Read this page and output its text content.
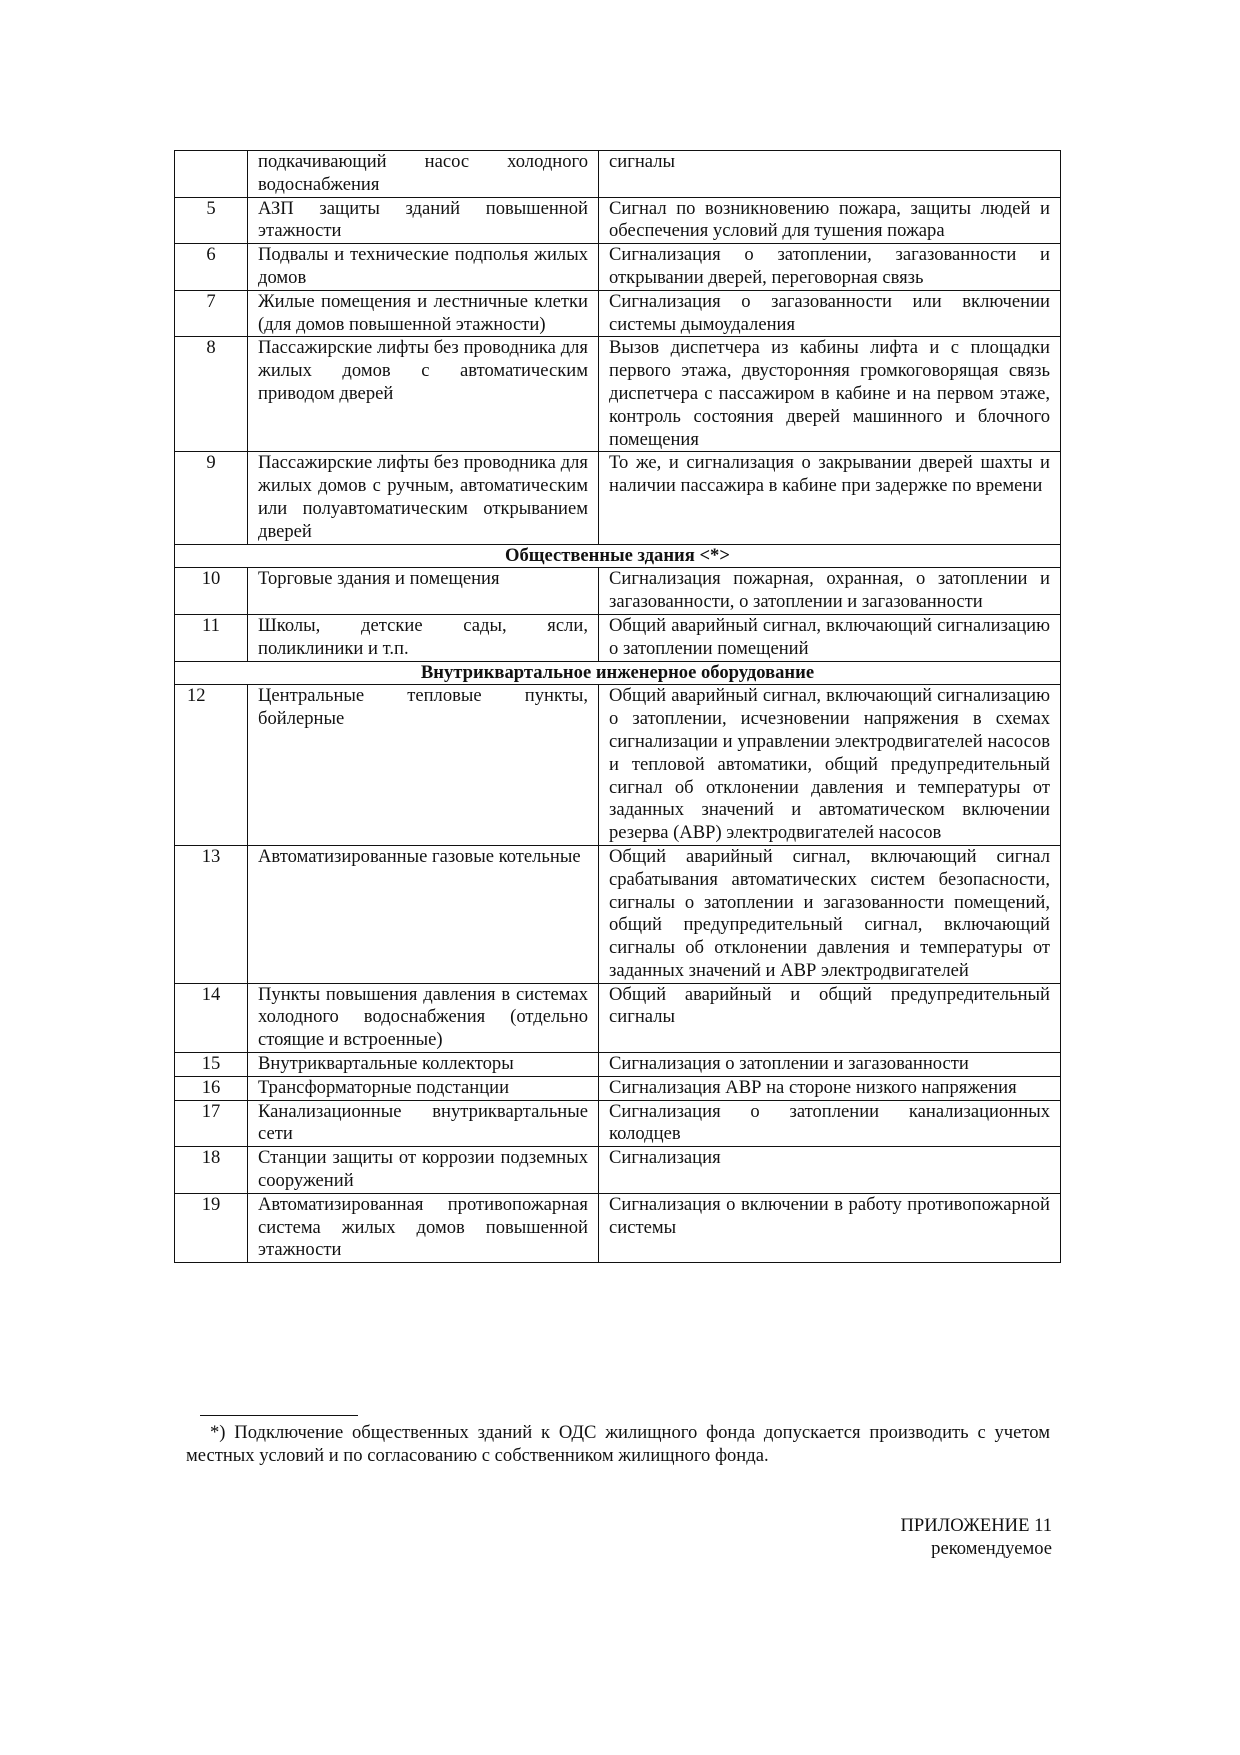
	подкачивающий насос холодного водоснабжения	сигналы
5	АЗП защиты зданий повышенной этажности	Сигнал по возникновению пожара, защиты людей и обеспечения условий для тушения пожара
6	Подвалы и технические подполья жилых домов	Сигнализация о затоплении, загазованности и открывании дверей, переговорная связь
7	Жилые помещения и лестничные клетки (для домов повышенной этажности)	Сигнализация о загазованности или включении системы дымоудаления
8	Пассажирские лифты без проводника для жилых домов с автоматическим приводом дверей	Вызов диспетчера из кабины лифта и с площадки первого этажа, двусторонняя громкоговорящая связь диспетчера с пассажиром в кабине и на первом этаже, контроль состояния дверей машинного и блочного помещения
9	Пассажирские лифты без проводника для жилых домов с ручным, автоматическим или полуавтоматическим открыванием дверей	То же, и сигнализация о закрывании дверей шахты и наличии пассажира в кабине при задержке по времени
Общественные здания <*>		
10	Торговые здания и помещения	Сигнализация пожарная, охранная, о затоплении и загазованности, о затоплении и загазованности
11	Школы, детские сады, ясли, поликлиники и т.п.	Общий аварийный сигнал, включающий сигнализацию о затоплении помещений
Внутриквартальное инженерное оборудование		
12	Центральные тепловые пункты, бойлерные	Общий аварийный сигнал, включающий сигнализацию о затоплении, исчезновении напряжения в схемах сигнализации и управлении электродвигателей насосов и тепловой автоматики, общий предупредительный сигнал об отклонении давления и температуры от заданных значений и автоматическом включении резерва (АВР) электродвигателей насосов
13	Автоматизированные газовые котельные	Общий аварийный сигнал, включающий сигнал срабатывания автоматических систем безопасности, сигналы о затоплении и загазованности помещений, общий предупредительный сигнал, включающий сигналы об отклонении давления и температуры от заданных значений и АВР электродвигателей
14	Пункты повышения давления в системах холодного водоснабжения (отдельно стоящие и встроенные)	Общий аварийный и общий предупредительный сигналы
15	Внутриквартальные коллекторы	Сигнализация о затоплении и загазованности
16	Трансформаторные подстанции	Сигнализация АВР на стороне низкого напряжения
17	Канализационные внутриквартальные сети	Сигнализация о затоплении канализационных колодцев
18	Станции защиты от коррозии подземных сооружений	Сигнализация
19	Автоматизированная противопожарная система жилых домов повышенной этажности	Сигнализация о включении в работу противопожарной системы
*) Подключение общественных зданий к ОДС жилищного фонда допускается производить с учетом местных условий и по согласованию с собственником жилищного фонда.
ПРИЛОЖЕНИЕ 11
рекомендуемое
